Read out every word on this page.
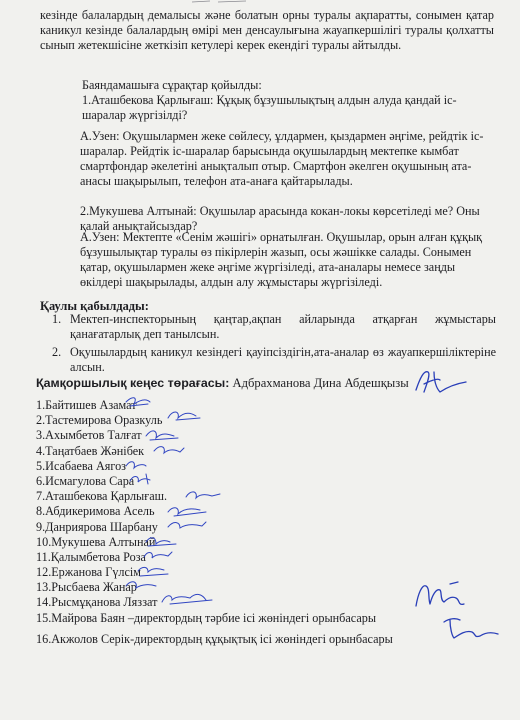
кезінде балалардың демалысы және болатын орны туралы ақпаратты, сонымен қатар каникул кезінде балалардың өмірі мен денсаулығына жауапкершілігі туралы қолхатты сынып жетекшісіне жеткізіп кетулері керек екендігі туралы айтылды.
Баяндамашыға сұрақтар қойылды:
1.Аташбекова Қарлығаш: Құқық бұзушылықтың алдын алуда қандай іс-шаралар жүргізілді?
А.Узен: Оқушылармен жеке сөйлесу, ұлдармен, қыздармен әңгіме, рейдтік іс-шаралар. Рейдтік іс-шаралар барысында оқушылардың мектепке кымбат смартфондар әкелетіні анықталып отыр. Смартфон әкелген оқушының ата-анасы шақырылып, телефон ата-анаға қайтарылады.
2.Мукушева Алтынай: Оқушылар арасында кокан-локы көрсетіледі ме? Оны қалай анықтайсыздар?
А.Узен: Мектепте «Сенім жәшігі» орнатылған. Оқушылар, орын алған құқық бұзушылықтар туралы өз пікірлерін жазып, осы жәшікке салады. Сонымен қатар, оқушылармен жеке әңгіме жүргізіледі, ата-аналары немесе заңды өкілдері шақырылады, алдын алу жұмыстары жүргізіледі.
Қаулы қабылдады:
1. Мектеп-инспекторының қаңтар,ақпан айларында атқарған жұмыстары қанағатарлық деп танылсын.
2. Оқушылардың каникул кезіндегі қауіпсіздігін,ата-аналар өз жауапкершіліктеріне алсын.
Қамқоршылық кеңес төрағасы: Адбрахманова Дина Абдешқызы
1.Байтишев Азамат
2.Тастемирова Оразкуль
3.Ахымбетов Талғат
4.Таңатбаев Жәнібек
5.Исабаева Аягоз
6.Исмагулова Сара
7.Аташбекова Қарлығаш.
8.Абдикеримова Асель
9.Данриярова Шарбану
10.Мукушева Алтынай
11.Қалымбетова Роза
12.Ержанова Гүлсім
13.Рысбаева Жанар
14.Рысмұқанова Ляззат
15.Майрова Баян –директордың тәрбие ісі жөніндегі орынбасары
16.Акжолов Серік-директордың құқықтық ісі жөніндегі орынбасары
